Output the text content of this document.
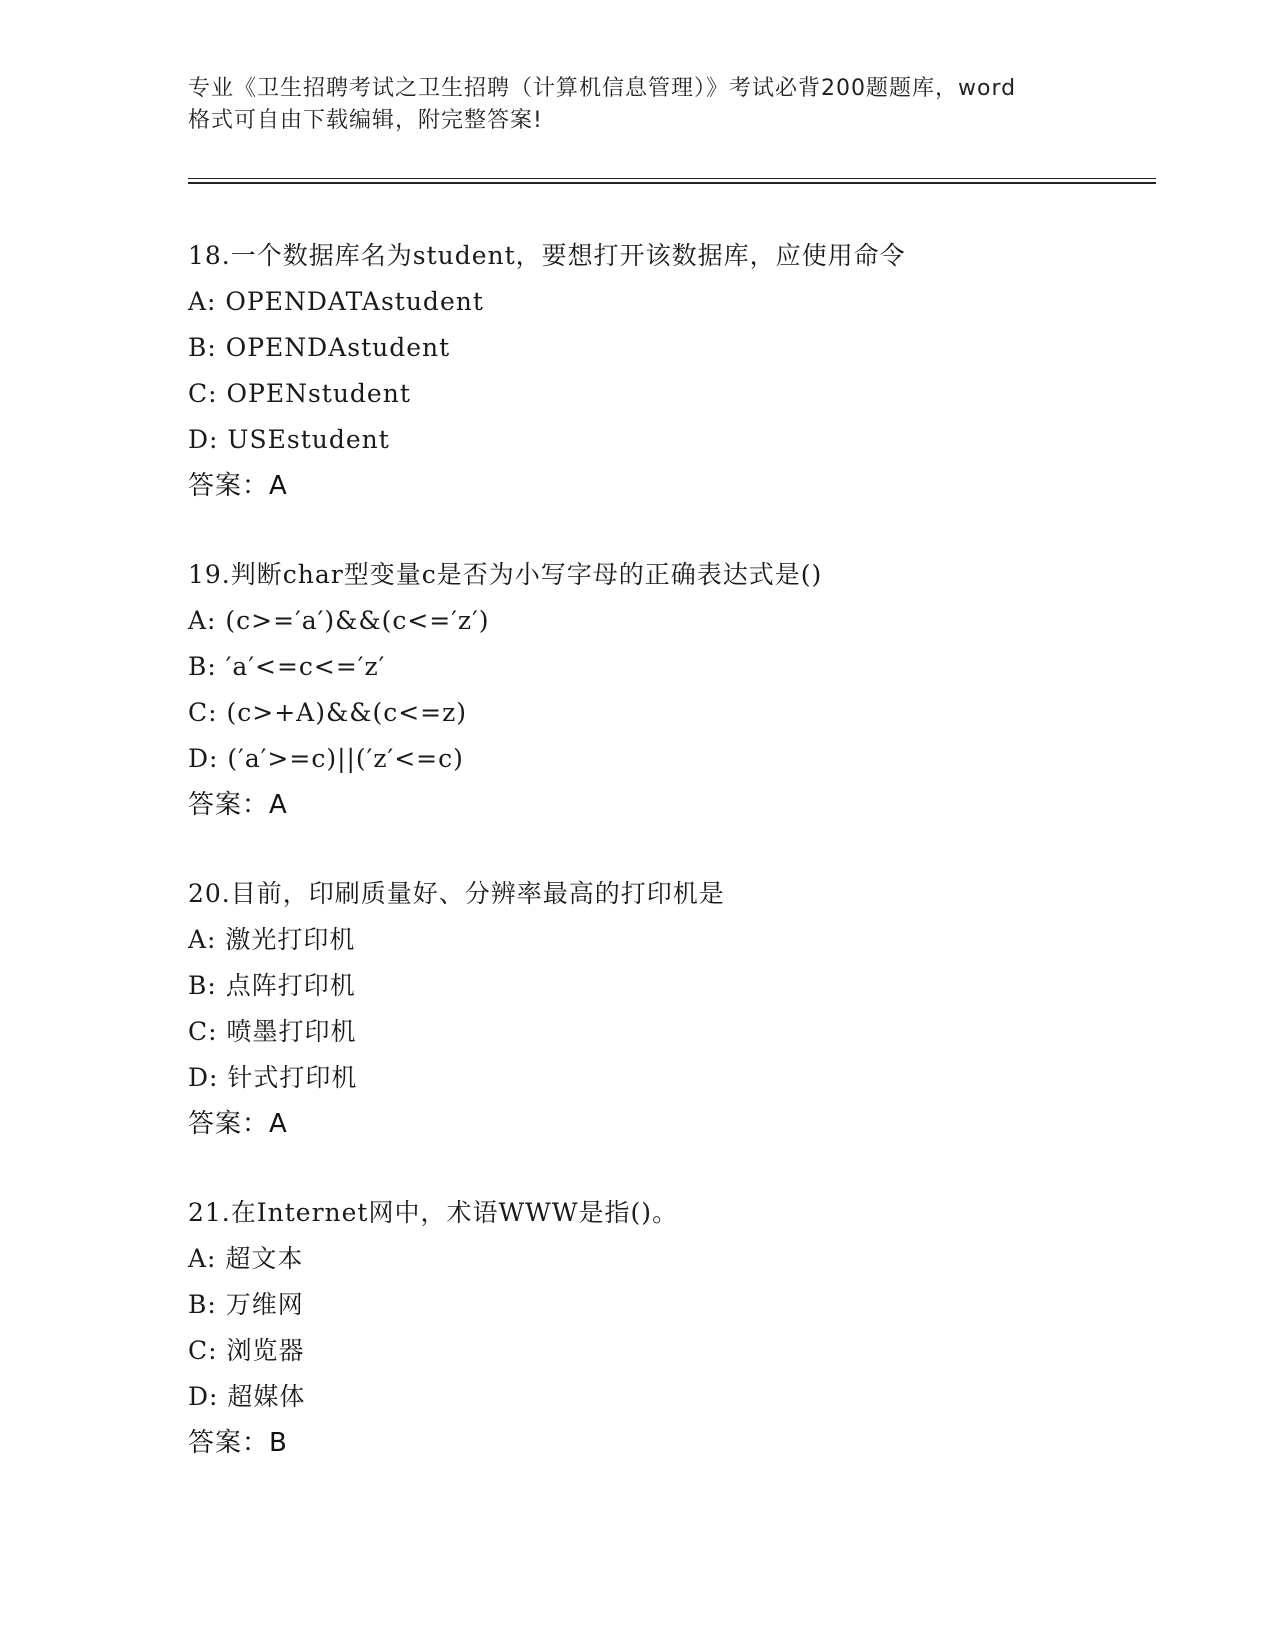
专业《卫生招聘考试之卫生招聘（计算机信息管理）》考试必背200题题库，word
格式可自由下载编辑，附完整答案!
18.一个数据库名为student，要想打开该数据库，应使用命令
A: OPENDATAstudent
B: OPENDAstudent
C: OPENstudent
D: USEstudent
答案：A
19.判断char型变量c是否为小写字母的正确表达式是()
A: (c>=′a′)&&(c<=′z′)
B: ′a′<=c<=′z′
C: (c>+A)&&(c<=z)
D: (′a′>=c)||(′z′<=c)
答案：A
20.目前，印刷质量好、分辨率最高的打印机是
A: 激光打印机
B: 点阵打印机
C: 喷墨打印机
D: 针式打印机
答案：A
21.在Internet网中，术语WWW是指()。
A: 超文本
B: 万维网
C: 浏览器
D: 超媒体
答案：B
